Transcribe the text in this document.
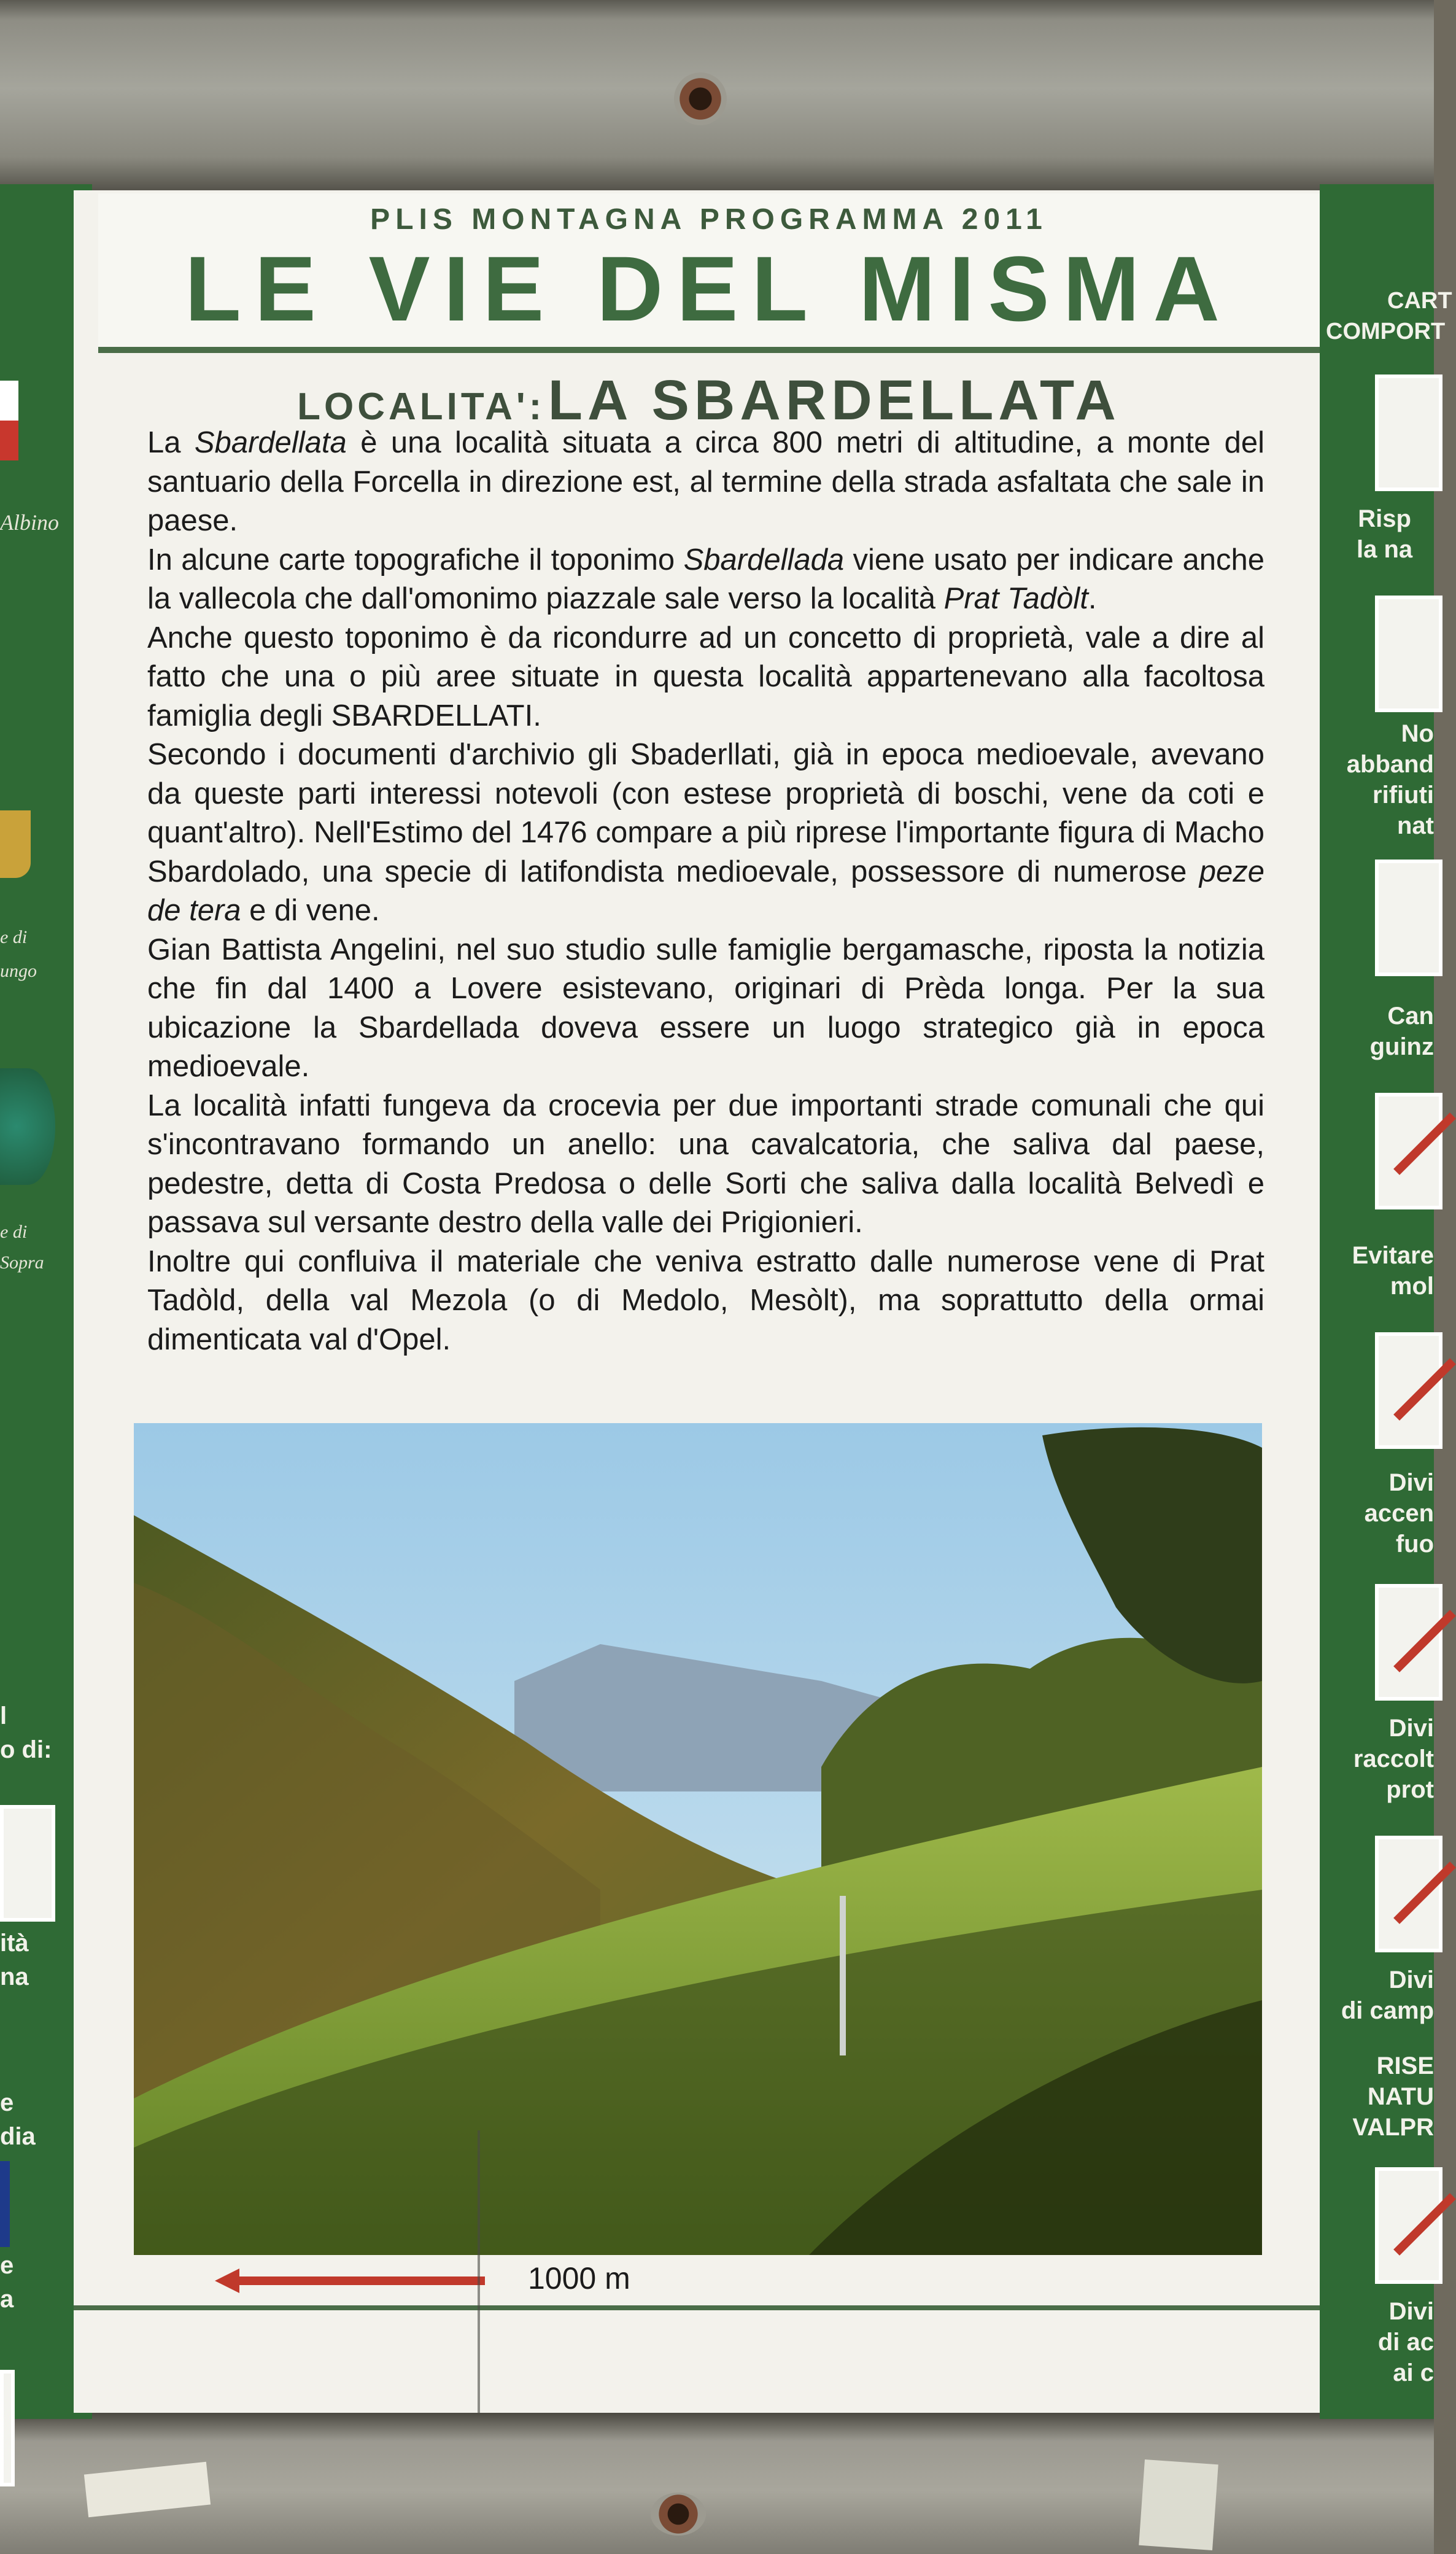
Albino
e di
ungo
e di
Sopra
l
o di:
ità
na
e
dia
e
a
CART
COMPORT
Risp
la na
No
abband
rifiuti
nat
Can
guinz
Evitare
mol
Divi
accen
fuo
Divi
raccolt
prot
Divi
di camp
RISE
NATU
VALPR
Divi
di ac
ai c
PLIS MONTAGNA PROGRAMMA 2011
LE VIE DEL MISMA
LOCALITA': LA SBARDELLATA

La Sbardellata è una località situata a circa 800 metri di altitudine, a monte del santuario della Forcella in direzione est, al termine della strada asfaltata che sale in paese.

In alcune carte topografiche il toponimo Sbardellada viene usato per indicare anche la vallecola che dall'omonimo piazzale sale verso la località Prat Tadòlt.

Anche questo toponimo è da ricondurre ad un concetto di proprietà, vale a dire al fatto che una o più aree situate in questa località appartenevano alla facoltosa famiglia degli SBARDELLATI.

Secondo i documenti d'archivio gli Sbaderllati, già in epoca medioevale, avevano da queste parti interessi notevoli (con estese proprietà di boschi, vene da coti e quant'altro). Nell'Estimo del 1476 compare a più riprese l'importante figura di Macho Sbardolado, una specie di latifondista medioevale, possessore di numerose peze de tera e di vene.

Gian Battista Angelini, nel suo studio sulle famiglie bergamasche, riposta la notizia che fin dal 1400 a Lovere esistevano, originari di Prèda longa. Per la sua ubicazione la Sbardellada doveva essere un luogo strategico già in epoca medioevale.

La località infatti fungeva da crocevia per due importanti strade comunali che qui s'incontravano formando un anello: una cavalcatoria, che saliva dal paese, pedestre, detta di Costa Predosa o delle Sorti che saliva dalla località Belvedì e passava sul versante destro della valle dei Prigionieri.

Inoltre qui confluiva il materiale che veniva estratto dalle numerose vene di Prat Tadòld, della val Mezola (o di Medolo, Mesòlt), ma soprattutto della ormai dimenticata val d'Opel.

1000 m
